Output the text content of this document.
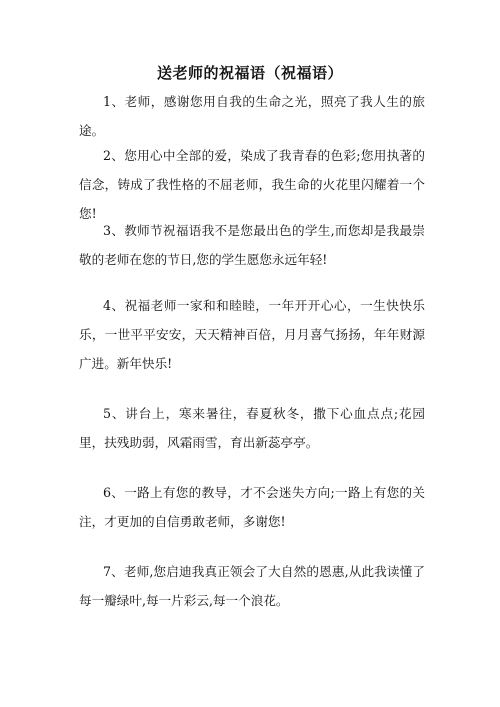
送老师的祝福语（祝福语）

1、老师，感谢您用自我的生命之光，照亮了我人生的旅途。

2、您用心中全部的爱，染成了我青春的色彩;您用执著的信念，铸成了我性格的不屈老师，我生命的火花里闪耀着一个您!

3、教师节祝福语我不是您最出色的学生,而您却是我最崇敬的老师在您的节日,您的学生愿您永远年轻!

4、祝福老师一家和和睦睦，一年开开心心，一生快快乐乐，一世平平安安，天天精神百倍，月月喜气扬扬，年年财源广进。新年快乐!

5、讲台上，寒来暑往，春夏秋冬，撒下心血点点;花园里，扶残助弱，风霜雨雪，育出新蕊亭亭。

6、一路上有您的教导，才不会迷失方向;一路上有您的关注，才更加的自信勇敢老师，多谢您!

7、老师,您启迪我真正领会了大自然的恩惠,从此我读懂了每一瓣绿叶,每一片彩云,每一个浪花。
